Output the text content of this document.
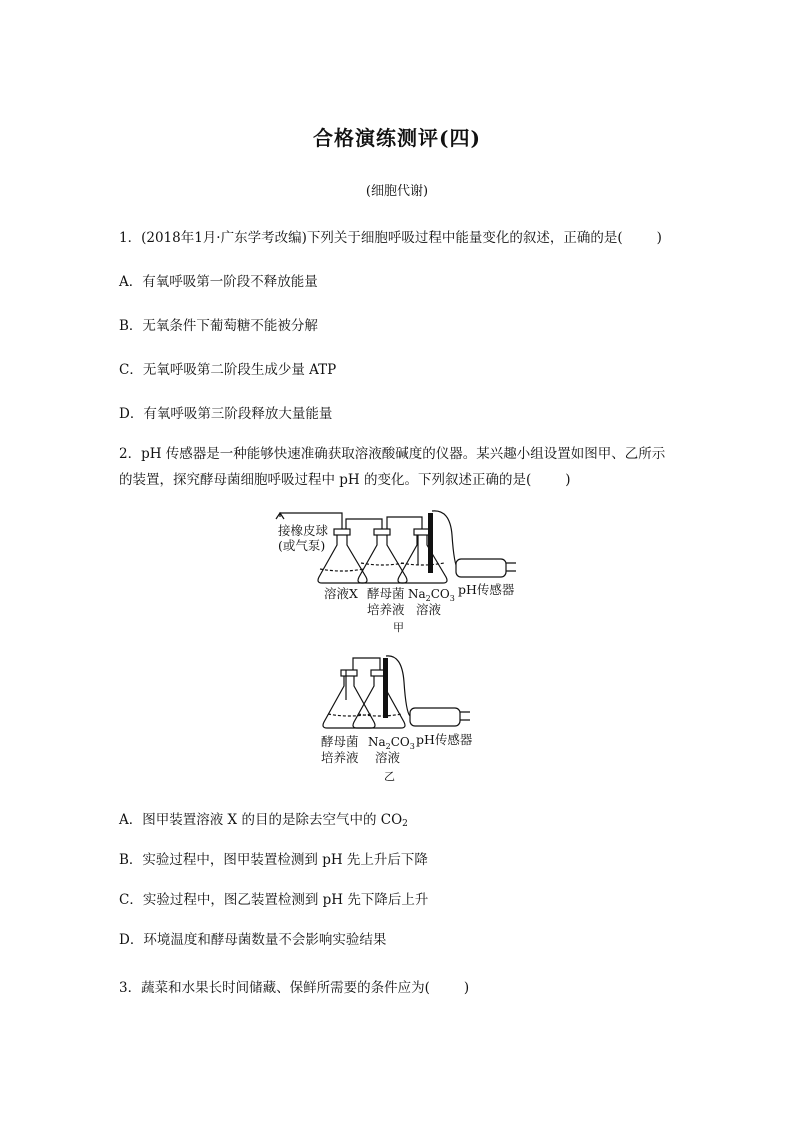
合格演练测评(四)
(细胞代谢)
1．(2018年1月·广东学考改编)下列关于细胞呼吸过程中能量变化的叙述，正确的是(	)
A．有氧呼吸第一阶段不释放能量
B．无氧条件下葡萄糖不能被分解
C．无氧呼吸第二阶段生成少量 ATP
D．有氧呼吸第三阶段释放大量能量
2．pH 传感器是一种能够快速准确获取溶液酸碱度的仪器。某兴趣小组设置如图甲、乙所示
的装置，探究酵母菌细胞呼吸过程中 pH 的变化。下列叙述正确的是(	)
接橡皮球
(或气泵)
溶液X 酵母菌
培养液
$Na_2CO_3$
溶液
pH传感器
甲
酵母菌
培养液
$Na_2CO_3$
溶液
pH传感器
乙
A．图甲装置溶液 X 的目的是除去空气中的 $CO_2$
B．实验过程中，图甲装置检测到 pH 先上升后下降
C．实验过程中，图乙装置检测到 pH 先下降后上升
D．环境温度和酵母菌数量不会影响实验结果
3．蔬菜和水果长时间储藏、保鲜所需要的条件应为(	)
